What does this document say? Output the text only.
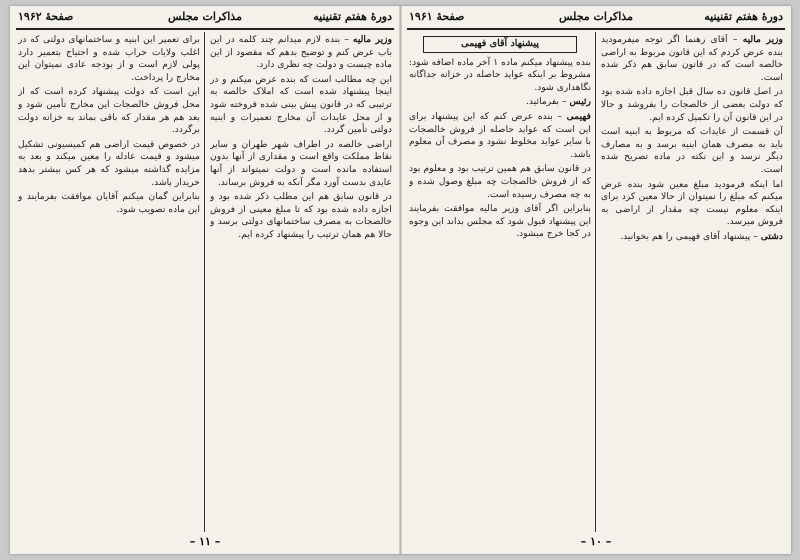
دورهٔ هفتم تقنینیه
مذاکرات مجلس
صفحهٔ ۱۹۶۲

وزیر مالیه – بنده لازم میدانم چند کلمه در این باب عرض کنم و توضیح بدهم که مقصود از این ماده چیست و دولت چه نظری دارد.

این چه مطالب است که بنده عرض میکنم و در اینجا پیشنهاد شده است که املاک خالصه به ترتیبی که در قانون پیش بینی شده فروخته شود و از محل عایدات آن مخارج تعمیرات و ابنیه دولتی تأمین گردد.

اراضی خالصه در اطراف شهر طهران و سایر نقاط مملکت واقع است و مقداری از آنها بدون استفاده مانده است و دولت نمیتواند از آنها عایدی بدست آورد مگر آنکه به فروش برساند.

در قانون سابق هم این مطلب ذکر شده بود و اجازه داده شده بود که تا مبلغ معینی از فروش خالصجات به مصرف ساختمانهای دولتی برسد و حالا هم همان ترتیب را پیشنهاد کرده ایم.

برای تعمیر این ابنیه و ساختمانهای دولتی که در اغلب ولایات خراب شده و احتیاج بتعمیر دارد پولی لازم است و از بودجه عادی نمیتوان این مخارج را پرداخت.

این است که دولت پیشنهاد کرده است که از محل فروش خالصجات این مخارج تأمین شود و بعد هم هر مقدار که باقی بماند به خزانه دولت برگردد.

در خصوص قیمت اراضی هم کمیسیونی تشکیل میشود و قیمت عادله را معین میکند و بعد به مزایده گذاشته میشود که هر کس بیشتر بدهد خریدار باشد.

بنابراین گمان میکنم آقایان موافقت بفرمایند و این ماده تصویب شود.

– ۱۱ –
دورهٔ هفتم تقنینیه
مذاکرات مجلس
صفحهٔ ۱۹۶۱

وزیر مالیه – آقای رهنما اگر توجه میفرمودید بنده عرض کردم که این قانون مربوط به اراضی خالصه است که در قانون سابق هم ذکر شده است.

در اصل قانون ده سال قبل اجازه داده شده بود که دولت بعضی از خالصجات را بفروشد و حالا در این قانون آن را تکمیل کرده ایم.

آن قسمت از عایدات که مربوط به ابنیه است باید به مصرف همان ابنیه برسد و به مصارف دیگر نرسد و این نکته در ماده تصریح شده است.

اما اینکه فرمودید مبلغ معین شود بنده عرض میکنم که مبلغ را نمیتوان از حالا معین کرد برای اینکه معلوم نیست چه مقدار از اراضی به فروش میرسد.

دشتی – پیشنهاد آقای فهیمی را هم بخوانید.

پیشنهاد آقای فهیمی

بنده پیشنهاد میکنم ماده ۱ آخر ماده اضافه شود: مشروط بر اینکه عواید حاصله در خزانه جداگانه نگاهداری شود.

رئیس – بفرمائید.

فهیمی – بنده عرض کنم که این پیشنهاد برای این است که عواید حاصله از فروش خالصجات با سایر عواید مخلوط نشود و مصرف آن معلوم باشد.

در قانون سابق هم همین ترتیب بود و معلوم بود که از فروش خالصجات چه مبلغ وصول شده و به چه مصرف رسیده است.

بنابراین اگر آقای وزیر مالیه موافقت بفرمایند این پیشنهاد قبول شود که مجلس بداند این وجوه در کجا خرج میشود.

– ۱۰ –
